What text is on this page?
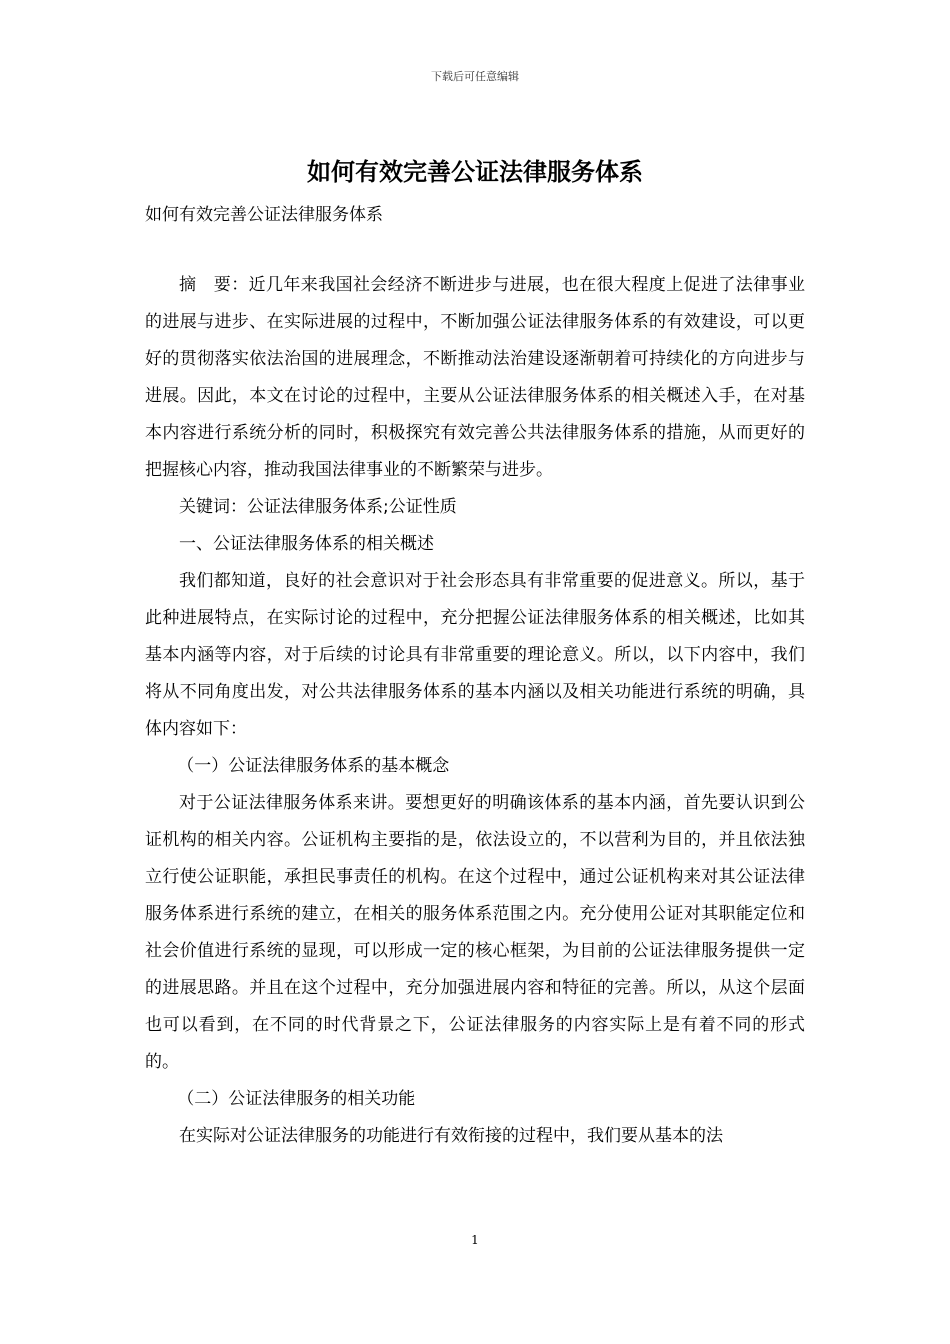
下载后可任意编辑
如何有效完善公证法律服务体系
如何有效完善公证法律服务体系

摘　要：近几年来我国社会经济不断进步与进展，也在很大程度上促进了法律事业的进展与进步、在实际进展的过程中，不断加强公证法律服务体系的有效建设，可以更好的贯彻落实依法治国的进展理念，不断推动法治建设逐渐朝着可持续化的方向进步与进展。因此，本文在讨论的过程中，主要从公证法律服务体系的相关概述入手，在对基本内容进行系统分析的同时，积极探究有效完善公共法律服务体系的措施，从而更好的把握核心内容，推动我国法律事业的不断繁荣与进步。

关键词：公证法律服务体系;公证性质

一、公证法律服务体系的相关概述

我们都知道，良好的社会意识对于社会形态具有非常重要的促进意义。所以，基于此种进展特点，在实际讨论的过程中，充分把握公证法律服务体系的相关概述，比如其基本内涵等内容，对于后续的讨论具有非常重要的理论意义。所以，以下内容中，我们将从不同角度出发，对公共法律服务体系的基本内涵以及相关功能进行系统的明确，具体内容如下：

（一）公证法律服务体系的基本概念

对于公证法律服务体系来讲。要想更好的明确该体系的基本内涵，首先要认识到公证机构的相关内容。公证机构主要指的是，依法设立的，不以营利为目的，并且依法独立行使公证职能，承担民事责任的机构。在这个过程中，通过公证机构来对其公证法律服务体系进行系统的建立，在相关的服务体系范围之内。充分使用公证对其职能定位和社会价值进行系统的显现，可以形成一定的核心框架，为目前的公证法律服务提供一定的进展思路。并且在这个过程中，充分加强进展内容和特征的完善。所以，从这个层面也可以看到，在不同的时代背景之下，公证法律服务的内容实际上是有着不同的形式的。

（二）公证法律服务的相关功能

在实际对公证法律服务的功能进行有效衔接的过程中，我们要从基本的法

1
